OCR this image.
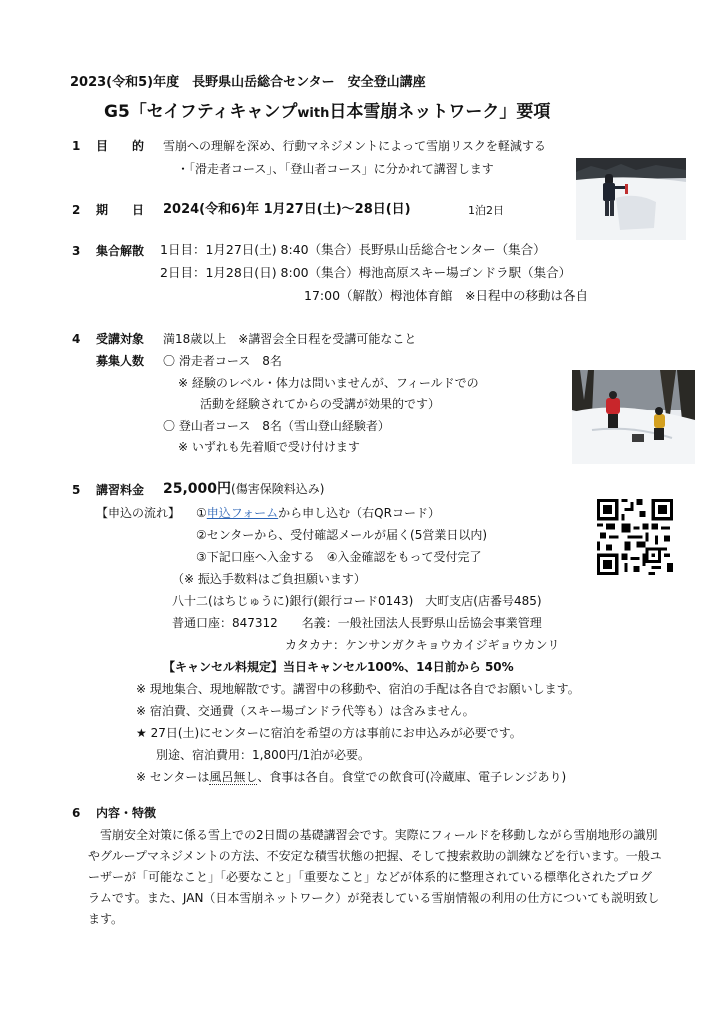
2023(令和5)年度　長野県山岳総合センター　安全登山講座
G5「セイフティキャンプwith日本雪崩ネットワーク」要項
1 目　　的 雪崩への理解を深め、行動マネジメントによって雪崩リスクを軽減する
・「滑走者コース」、「登山者コース」に分かれて講習します
2 期　　日 2024(令和6)年 1月27日(土)～28日(日)	1泊2日
3 集合解散 1日目：1月27日(土) 8:40（集合）長野県山岳総合センター（集合）
2日目：1月28日(日) 8:00（集合）栂池高原スキー場ゴンドラ駅（集合）
17:00（解散）栂池体育館　※日程中の移動は各自
4 受講対象 満18歳以上　※講習会全日程を受講可能なこと
募集人数 〇 滑走者コース　8名
※ 経験のレベル・体力は問いませんが、フィールドでの
活動を経験されてからの受講が効果的です）
〇 登山者コース　8名（雪山登山経験者）
※ いずれも先着順で受け付けます
5 講習料金 25,000円(傷害保険料込み)
【申込の流れ】 ①申込フォームから申し込む（右QRコード）
②センターから、受付確認メールが届く(5営業日以内)
③下記口座へ入金する　④入金確認をもって受付完了
（※ 振込手数料はご負担願います）
八十二(はちじゅうに)銀行(銀行コード0143)　大町支店(店番号485)
普通口座：847312　　名義：一般社団法人長野県山岳協会事業管理
カタカナ：ケンサンガクキョウカイジギョウカンリ
【キャンセル料規定】当日キャンセル100%、14日前から 50%
※ 現地集合、現地解散です。講習中の移動や、宿泊の手配は各自でお願いします。
※ 宿泊費、交通費（スキー場ゴンドラ代等も）は含みません。
★ 27日(土)にセンターに宿泊を希望の方は事前にお申込みが必要です。
別途、宿泊費用：1,800円/1泊が必要。
※ センターは風呂無し、食事は各自。食堂での飲食可(冷蔵庫、電子レンジあり)
6 内容・特徴
　雪崩安全対策に係る雪上での2日間の基礎講習会です。実際にフィールドを移動しながら雪崩地形の識別やグループマネジメントの方法、不安定な積雪状態の把握、そして捜索救助の訓練などを行います。一般ユーザーが「可能なこと」「必要なこと」「重要なこと」などが体系的に整理されている標準化されたプログラムです。また、JAN（日本雪崩ネットワーク）が発表している雪崩情報の利用の仕方についても説明致します。
